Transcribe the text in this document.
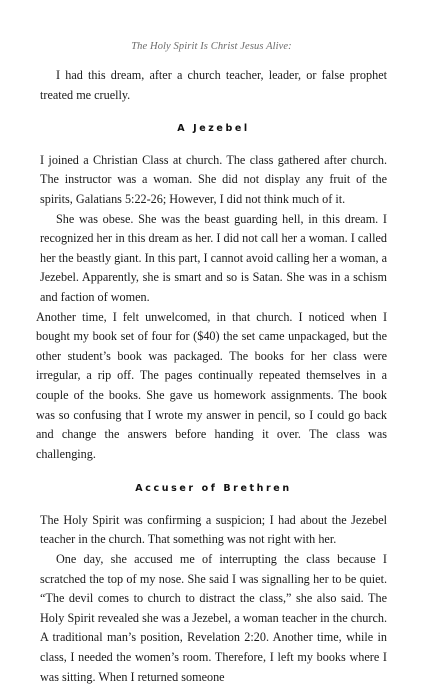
The Holy Spirit Is Christ Jesus Alive:

I had this dream, after a church teacher, leader, or false prophet treated me cruelly.

A Jezebel

I joined a Christian Class at church. The class gathered after church. The instructor was a woman. She did not display any fruit of the spirits, Galatians 5:22-26; However, I did not think much of it.

She was obese. She was the beast guarding hell, in this dream. I recognized her in this dream as her. I did not call her a woman. I called her the beastly giant. In this part, I cannot avoid calling her a woman, a Jezebel. Apparently, she is smart and so is Satan. She was in a schism and faction of women.

Another time, I felt unwelcomed, in that church. I noticed when I bought my book set of four for ($40) the set came unpackaged, but the other student’s book was packaged. The books for her class were irregular, a rip off. The pages continually repeated themselves in a couple of the books. She gave us homework assignments. The book was so confusing that I wrote my answer in pencil, so I could go back and change the answers before handing it over. The class was challenging.

Accuser of Brethren

The Holy Spirit was confirming a suspicion; I had about the Jezebel teacher in the church. That something was not right with her.

One day, she accused me of interrupting the class because I scratched the top of my nose. She said I was signalling her to be quiet. “The devil comes to church to distract the class,” she also said. The Holy Spirit revealed she was a Jezebel, a woman teacher in the church. A traditional man’s position, Revelation 2:20. Another time, while in class, I needed the women’s room. Therefore, I left my books where I was sitting. When I returned someone
